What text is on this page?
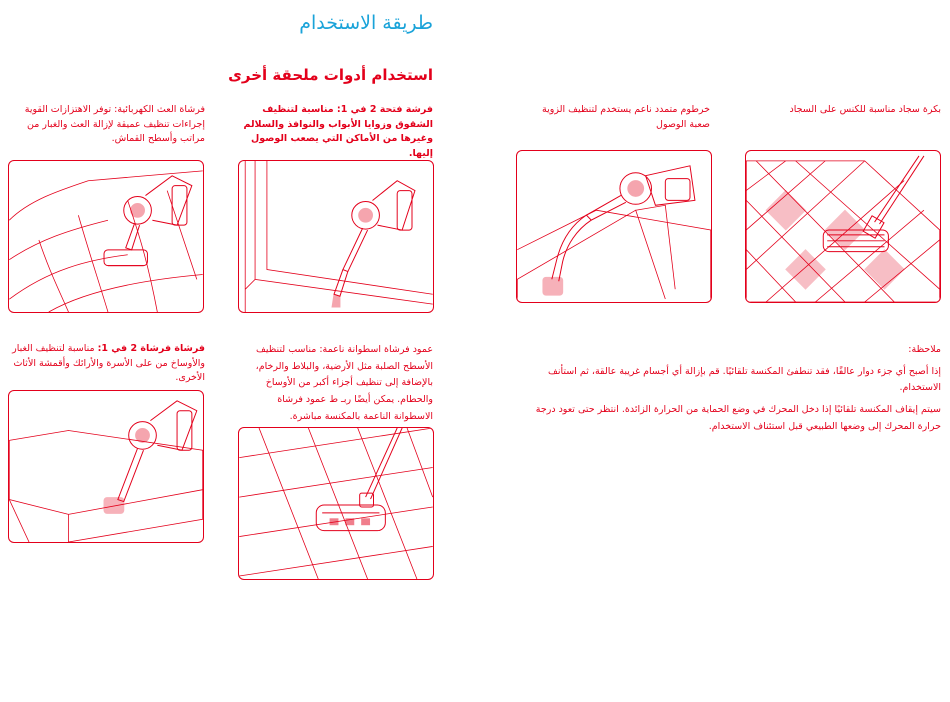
طريقة الاستخدام
استخدام أدوات ملحقة أخرى
بكرة سجاد مناسبة للكنس على السجاد
خرطوم متمدد ناعم يستخدم لتنظيف الزوية صعبة الوصول
فرشة فتحة 2 في 1: مناسبة لتنظيف الشقوق وزوايا الأبواب والنوافذ والسلالم وغيرها من الأماكن التي يصعب الوصول إليها.
فرشاة العث الكهربائية: توفر الاهتزازات القوية إجراءات تنظيف عميقة لإزالة العث والغبار من مراتب وأسطح القماش.

ملاحظة:

إذا أصبح أي جزء دوار عالقًا، فقد تنطفئ المكنسة تلقائيًا. قم بإزالة أي أجسام غريبة عالقة، ثم استأنف الاستخدام.

سيتم إيقاف المكنسة تلقائيًا إذا دخل المحرك في وضع الحماية من الحرارة الزائدة. انتظر حتى تعود درجة حرارة المحرك إلى وضعها الطبيعي قبل استئناف الاستخدام.

عمود فرشاة اسطوانة ناعمة: مناسب لتنظيف الأسطح الصلبة مثل الأرضية، والبلاط والرخام، بالإضافة إلى تنظيف أجزاء أكبر من الأوساخ والحطام. يمكن أيضًا ربـ ط عمود فرشاة الاسطوانة الناعمة بالمكنسة مباشرة.
فرشاة فرشاة 2 في 1: مناسبة لتنظيف الغبار والأوساخ من على الأسرة والأرائك وأقمشة الأثاث الأخرى.
